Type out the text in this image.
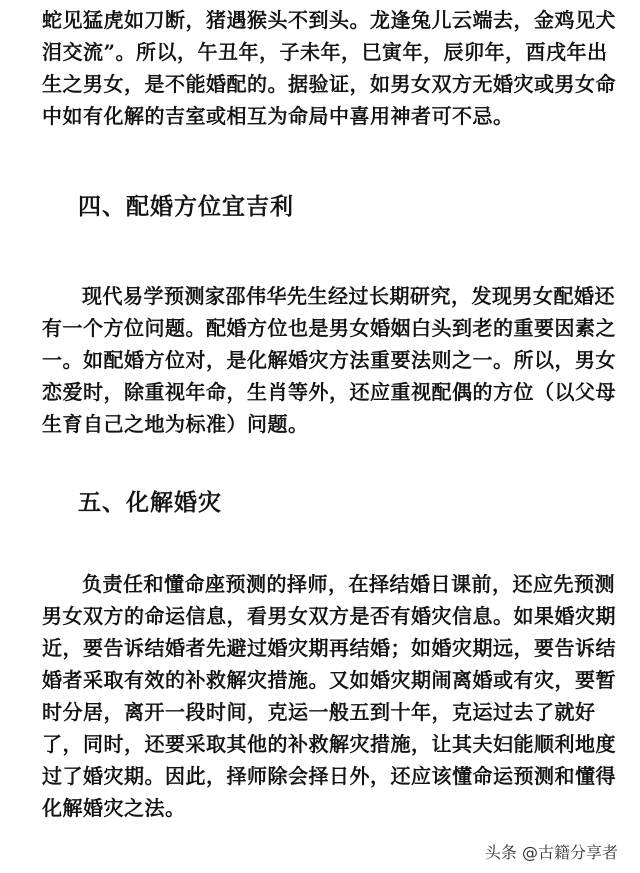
蛇见猛虎如刀断，猪遇猴头不到头。龙逢兔儿云端去，金鸡见犬
泪交流”。所以，午丑年，子未年，巳寅年，辰卯年，酉戌年出
生之男女，是不能婚配的。据验证，如男女双方无婚灾或男女命
中如有化解的吉室或相互为命局中喜用神者可不忌。
四、配婚方位宜吉利
现代易学预测家邵伟华先生经过长期研究，发现男女配婚还
有一个方位问题。配婚方位也是男女婚姻白头到老的重要因素之
一。如配婚方位对，是化解婚灾方法重要法则之一。所以，男女
恋爱时，除重视年命，生肖等外，还应重视配偶的方位（以父母
生育自己之地为标准）问题。
五、化解婚灾
负责任和懂命座预测的择师，在择结婚日课前，还应先预测
男女双方的命运信息，看男女双方是否有婚灾信息。如果婚灾期
近，要告诉结婚者先避过婚灾期再结婚；如婚灾期远，要告诉结
婚者采取有效的补救解灾措施。又如婚灾期闹离婚或有灾，要暂
时分居，离开一段时间，克运一般五到十年，克运过去了就好
了，同时，还要采取其他的补救解灾措施，让其夫妇能顺利地度
过了婚灾期。因此，择师除会择日外，还应该懂命运预测和懂得
化解婚灾之法。
头条 @古籍分享者
